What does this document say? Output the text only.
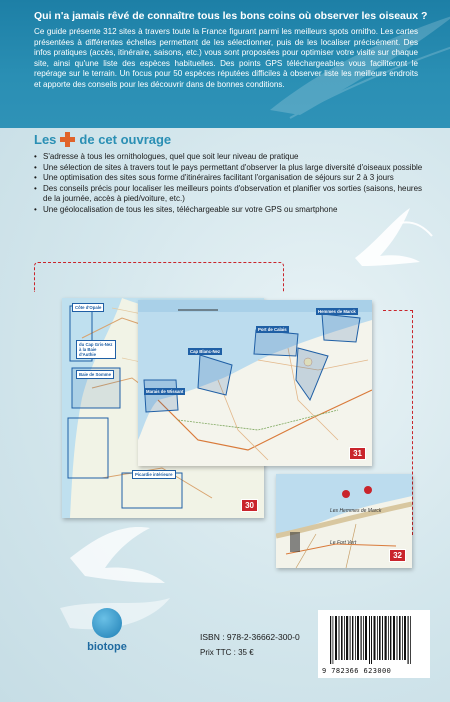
Qui n'a jamais rêvé de connaître tous les bons coins où observer les oiseaux ?
Ce guide présente 312 sites à travers toute la France figurant parmi les meilleurs spots ornitho. Les cartes présentées à différentes échelles permettent de les sélectionner, puis de les localiser précisément. Des infos pratiques (accès, itinéraire, saisons, etc.) vous sont proposées pour optimiser votre visite sur chaque site, ainsi qu'une liste des espèces habituelles. Des points GPS téléchargeables vous faciliteront le repérage sur le terrain. Un focus pour 50 espèces réputées difficiles à observer liste les meilleurs endroits et apporte des conseils pour les découvrir dans de bonnes conditions.
Les de cet ouvrage
• S'adresse à tous les ornithologues, quel que soit leur niveau de pratique
• Une sélection de sites à travers tout le pays permettant d'observer la plus large diversité d'oiseaux possible
• Une optimisation des sites sous forme d'itinéraires facilitant l'organisation de séjours sur 2 à 3 jours
• Des conseils précis pour localiser les meilleurs points d'observation et planifier vos sorties (saisons, heures de la journée, accès à pied/voiture, etc.)
• Une géolocalisation de tous les sites, téléchargeable sur votre GPS ou smartphone
Côte d'Opale
du Cap Gris-Nez à la Baie d'Authie
Baie de Somme
Picardie intérieure
30
Hemmes de Marck
Port de Calais
Cap Blanc-Nez
Marais de Wissant
31
Les Hemmes de Marck
Le Fort Vert
32
biotope
ISBN : 978-2-36662-300-0
Prix TTC : 35 €
9 782366 623000
